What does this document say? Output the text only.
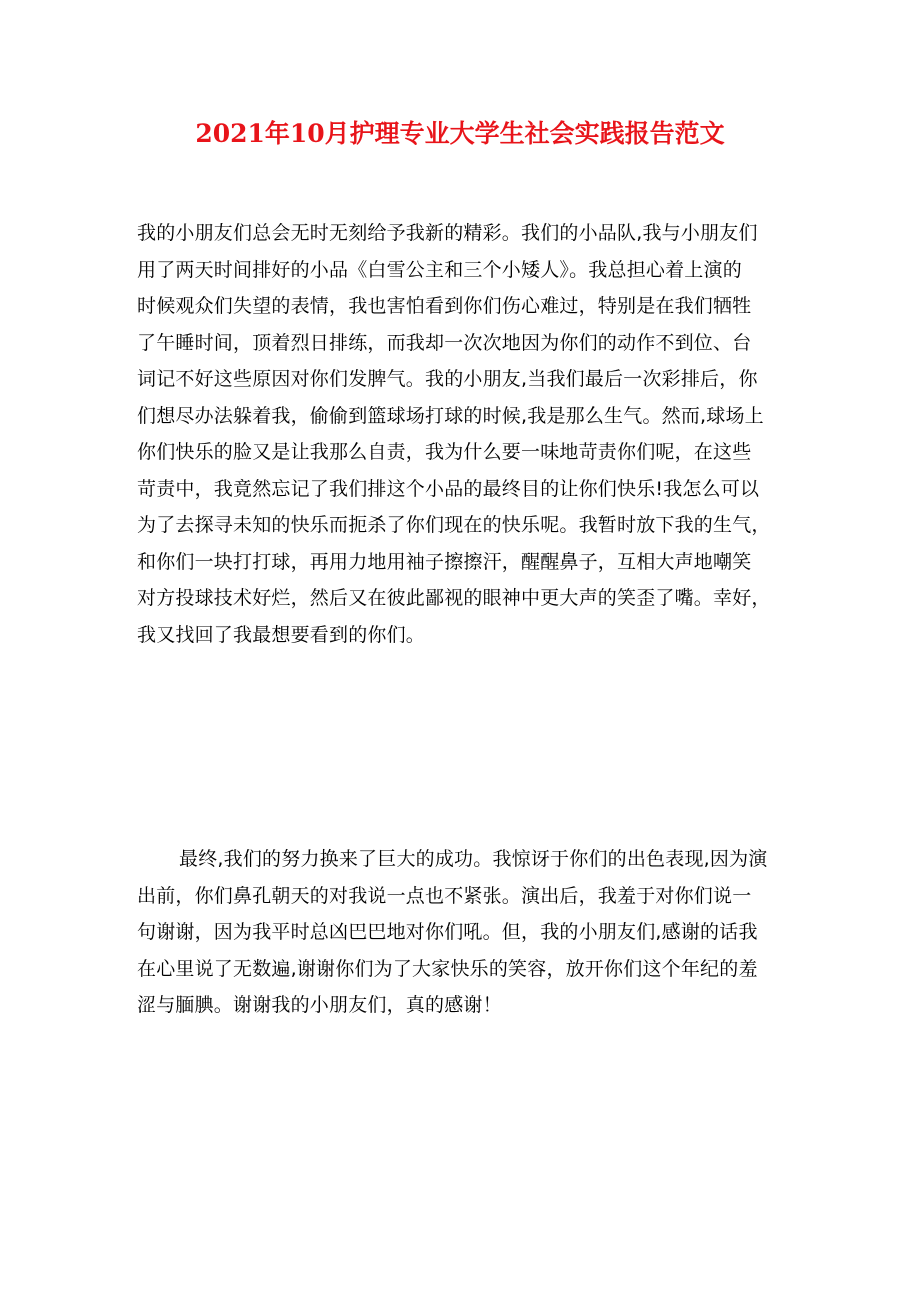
2021年10月护理专业大学生社会实践报告范文
我的小朋友们总会无时无刻给予我新的精彩。我们的小品队,我与小朋友们
用了两天时间排好的小品《白雪公主和三个小矮人》。我总担心着上演的
时候观众们失望的表情，我也害怕看到你们伤心难过，特别是在我们牺牲
了午睡时间，顶着烈日排练，而我却一次次地因为你们的动作不到位、台
词记不好这些原因对你们发脾气。我的小朋友,当我们最后一次彩排后，你
们想尽办法躲着我，偷偷到篮球场打球的时候,我是那么生气。然而,球场上
你们快乐的脸又是让我那么自责，我为什么要一味地苛责你们呢，在这些
苛责中，我竟然忘记了我们排这个小品的最终目的让你们快乐!我怎么可以
为了去探寻未知的快乐而扼杀了你们现在的快乐呢。我暂时放下我的生气，
和你们一块打打球，再用力地用袖子擦擦汗，醒醒鼻子，互相大声地嘲笑
对方投球技术好烂，然后又在彼此鄙视的眼神中更大声的笑歪了嘴。幸好，
我又找回了我最想要看到的你们。
最终,我们的努力换来了巨大的成功。我惊讶于你们的出色表现,因为演
出前，你们鼻孔朝天的对我说一点也不紧张。演出后，我羞于对你们说一
句谢谢，因为我平时总凶巴巴地对你们吼。但，我的小朋友们,感谢的话我
在心里说了无数遍,谢谢你们为了大家快乐的笑容，放开你们这个年纪的羞
涩与腼腆。谢谢我的小朋友们，真的感谢！
